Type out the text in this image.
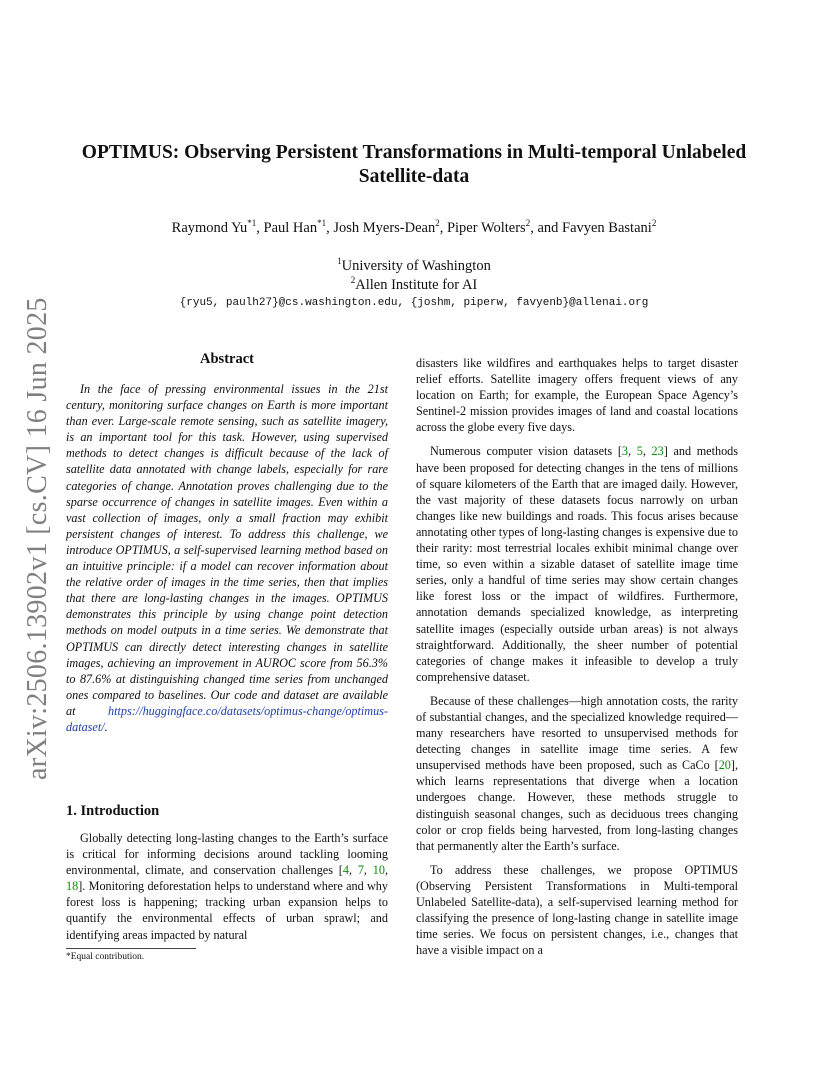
arXiv:2506.13902v1 [cs.CV] 16 Jun 2025
OPTIMUS: Observing Persistent Transformations in Multi-temporal Unlabeled
Satellite-data
Raymond Yu$^{*1}$, Paul Han$^{*1}$, Josh Myers-Dean$^2$, Piper Wolters$^2$, and Favyen Bastani$^2$
$^1$University of Washington
$^2$Allen Institute for AI
{ryu5, paulh27}@cs.washington.edu, {joshm, piperw, favyenb}@allenai.org
Abstract

In the face of pressing environmental issues in the 21st century, monitoring surface changes on Earth is more important than ever. Large-scale remote sensing, such as satellite imagery, is an important tool for this task. However, using supervised methods to detect changes is difficult because of the lack of satellite data annotated with change labels, especially for rare categories of change. Annotation proves challenging due to the sparse occurrence of changes in satellite images. Even within a vast collection of images, only a small fraction may exhibit persistent changes of interest. To address this challenge, we introduce OPTIMUS, a self-supervised learning method based on an intuitive principle: if a model can recover information about the relative order of images in the time series, then that implies that there are long-lasting changes in the images. OPTIMUS demonstrates this principle by using change point detection methods on model outputs in a time series. We demonstrate that OPTIMUS can directly detect interesting changes in satellite images, achieving an improvement in AUROC score from 56.3% to 87.6% at distinguishing changed time series from unchanged ones compared to baselines. Our code and dataset are available at	https://huggingface.co/datasets/optimus-change/optimus-dataset/.

1. Introduction

Globally detecting long-lasting changes to the Earth’s surface is critical for informing decisions around tackling looming environmental, climate, and conservation challenges [4, 7, 10, 18]. Monitoring deforestation helps to understand where and why forest loss is happening; tracking urban expansion helps to quantify the environmental effects of urban sprawl; and identifying areas impacted by natural

*Equal contribution.

disasters like wildfires and earthquakes helps to target disaster relief efforts. Satellite imagery offers frequent views of any location on Earth; for example, the European Space Agency’s Sentinel-2 mission provides images of land and coastal locations across the globe every five days.

Numerous computer vision datasets [3, 5, 23] and methods have been proposed for detecting changes in the tens of millions of square kilometers of the Earth that are imaged daily. However, the vast majority of these datasets focus narrowly on urban changes like new buildings and roads. This focus arises because annotating other types of long-lasting changes is expensive due to their rarity: most terrestrial locales exhibit minimal change over time, so even within a sizable dataset of satellite image time series, only a handful of time series may show certain changes like forest loss or the impact of wildfires. Furthermore, annotation demands specialized knowledge, as interpreting satellite images (especially outside urban areas) is not always straightforward. Additionally, the sheer number of potential categories of change makes it infeasible to develop a truly comprehensive dataset.

Because of these challenges—high annotation costs, the rarity of substantial changes, and the specialized knowledge required—many researchers have resorted to unsupervised methods for detecting changes in satellite image time series. A few unsupervised methods have been proposed, such as CaCo [20], which learns representations that diverge when a location undergoes change. However, these methods struggle to distinguish seasonal changes, such as deciduous trees changing color or crop fields being harvested, from long-lasting changes that permanently alter the Earth’s surface.

To address these challenges, we propose OPTIMUS (Observing Persistent Transformations in Multi-temporal Unlabeled Satellite-data), a self-supervised learning method for classifying the presence of long-lasting change in satellite image time series. We focus on persistent changes, i.e., changes that have a visible impact on a
